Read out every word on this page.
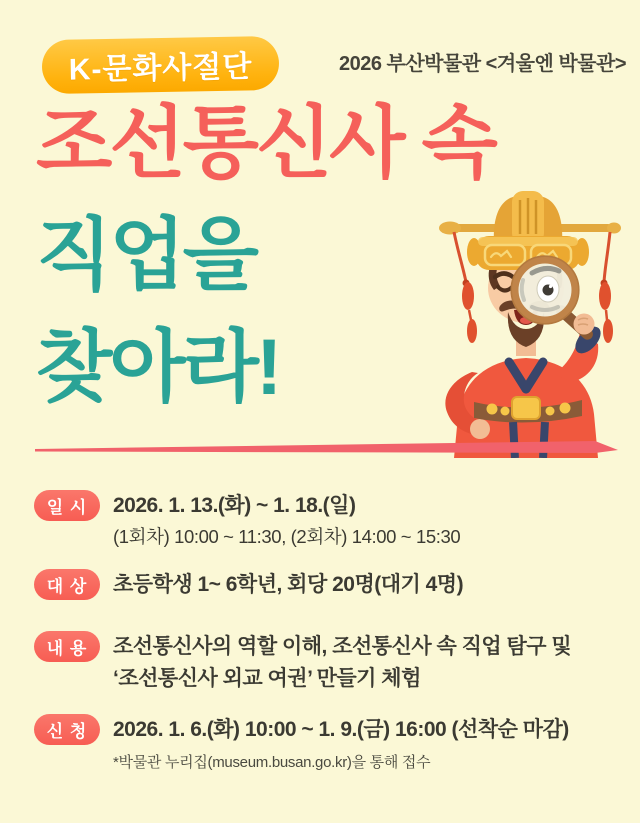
K-문화사절단	2026 부산박물관 <겨울엔 박물관>
조선통신사 속
직업을
찾아라!
일 시 2026. 1. 13.(화) ~ 1. 18.(일)
(1회차) 10:00 ~ 11:30, (2회차) 14:00 ~ 15:30
대 상 초등학생 1~ 6학년, 회당 20명(대기 4명)
내 용 조선통신사의 역할 이해, 조선통신사 속 직업 탐구 및
‘조선통신사 외교 여권’ 만들기 체험
신 청 2026. 1. 6.(화) 10:00 ~ 1. 9.(금) 16:00 (선착순 마감)
*박물관 누리집(museum.busan.go.kr)을 통해 접수
